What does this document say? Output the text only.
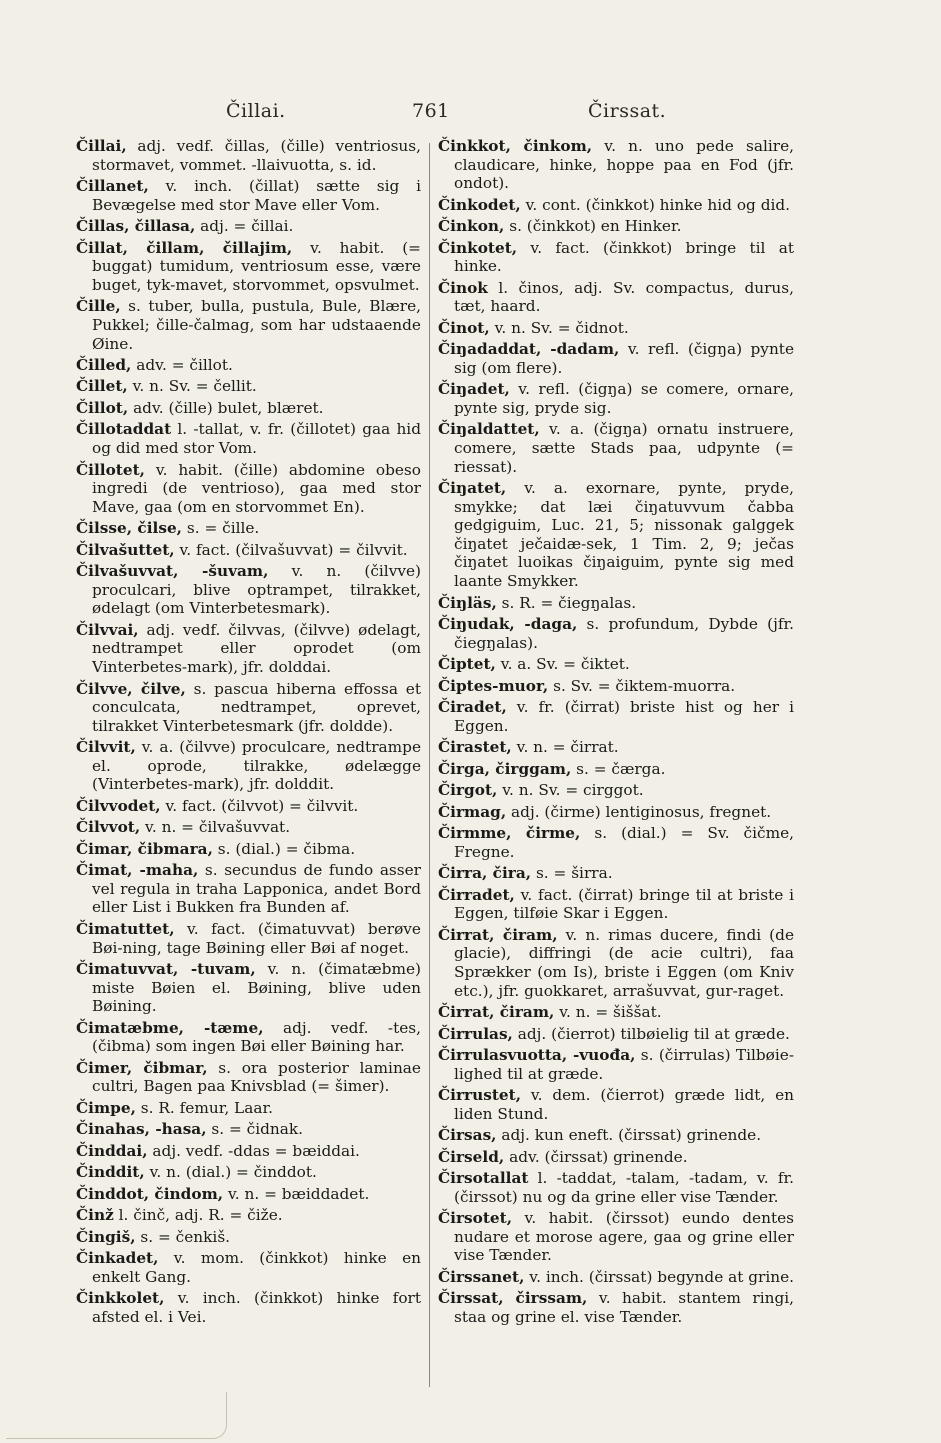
Čillai.	761	Čirssat.

Čillai, adj. vedf. čillas, (čille) ventriosus, stormavet, vommet. -llaivuotta, s. id.

Čillanet, v. inch. (čillat) sætte sig i Bevægelse med stor Mave eller Vom.

Čillas, čillasa, adj. = čillai.

Čillat, čillam, čillajim, v. habit. (= buggat) tumidum, ventriosum esse, være buget, tyk-mavet, storvommet, opsvulmet.

Čille, s. tuber, bulla, pustula, Bule, Blære, Pukkel; čille-čalmag, som har udstaaende Øine.

Čilled, adv. = čillot.

Čillet, v. n. Sv. = čellit.

Čillot, adv. (čille) bulet, blæret.

Čillotaddat l. -tallat, v. fr. (čillotet) gaa hid og did med stor Vom.

Čillotet, v. habit. (čille) abdomine obeso ingredi (de ventrioso), gaa med stor Mave, gaa (om en storvommet En).

Čilsse, čilse, s. = čille.

Čilvašuttet, v. fact. (čilvašuvvat) = čilvvit.

Čilvašuvvat, -šuvam, v. n. (čilvve) proculcari, blive optrampet, tilrakket, ødelagt (om Vinterbetesmark).

Čilvvai, adj. vedf. čilvvas, (čilvve) ødelagt, nedtrampet eller oprodet (om Vinterbetes-mark), jfr. dolddai.

Čilvve, čilve, s. pascua hiberna effossa et conculcata, nedtrampet, oprevet, tilrakket Vinterbetesmark (jfr. doldde).

Čilvvit, v. a. (čilvve) proculcare, nedtrampe el. oprode, tilrakke, ødelægge (Vinterbetes-mark), jfr. dolddit.

Čilvvodet, v. fact. (čilvvot) = čilvvit.

Čilvvot, v. n. = čilvašuvvat.

Čimar, čibmara, s. (dial.) = čibma.

Čimat, -maha, s. secundus de fundo asser vel regula in traha Lapponica, andet Bord eller List i Bukken fra Bunden af.

Čimatuttet, v. fact. (čimatuvvat) berøve Bøi-ning, tage Bøining eller Bøi af noget.

Čimatuvvat, -tuvam, v. n. (čimatæbme) miste Bøien el. Bøining, blive uden Bøining.

Čimatæbme, -tæme, adj. vedf. -tes, (čibma) som ingen Bøi eller Bøining har.

Čimer, čibmar, s. ora posterior laminae cultri, Bagen paa Knivsblad (= šimer).

Čimpe, s. R. femur, Laar.

Činahas, -hasa, s. = čidnak.

Činddai, adj. vedf. -ddas = bæiddai.

Činddit, v. n. (dial.) = činddot.

Činddot, čindom, v. n. = bæiddadet.

Činž l. činč, adj. R. = čiže.

Čingiš, s. = čenkiš.

Činkadet, v. mom. (činkkot) hinke en enkelt Gang.

Činkkolet, v. inch. (činkkot) hinke fort afsted el. i Vei.

Činkkot, činkom, v. n. uno pede salire, claudicare, hinke, hoppe paa en Fod (jfr. ondot).

Činkodet, v. cont. (činkkot) hinke hid og did.

Činkon, s. (činkkot) en Hinker.

Činkotet, v. fact. (činkkot) bringe til at hinke.

Činok l. činos, adj. Sv. compactus, durus, tæt, haard.

Činot, v. n. Sv. = čidnot.

Čiŋadaddat, -dadam, v. refl. (čigŋa) pynte sig (om flere).

Čiŋadet, v. refl. (čigŋa) se comere, ornare, pynte sig, pryde sig.

Čiŋaldattet, v. a. (čigŋa) ornatu instruere, comere, sætte Stads paa, udpynte (= riessat).

Čiŋatet, v. a. exornare, pynte, pryde, smykke; dat læi čiŋatuvvum čabba gedgiguim, Luc. 21, 5; nissonak galggek čiŋatet ječaidæ-sek, 1 Tim. 2, 9; ječas čiŋatet luoikas čiŋaiguim, pynte sig med laante Smykker.

Čiŋläs, s. R. = čiegŋalas.

Čiŋudak, -daga, s. profundum, Dybde (jfr. čiegŋalas).

Čiptet, v. a. Sv. = čiktet.

Čiptes-muor, s. Sv. = čiktem-muorra.

Čiradet, v. fr. (čirrat) briste hist og her i Eggen.

Čirastet, v. n. = čirrat.

Čirga, čirggam, s. = čærga.

Čirgot, v. n. Sv. = cirggot.

Čirmag, adj. (čirme) lentiginosus, fregnet.

Čirmme, čirme, s. (dial.) = Sv. čičme, Fregne.

Čirra, čira, s. = širra.

Čirradet, v. fact. (čirrat) bringe til at briste i Eggen, tilføie Skar i Eggen.

Čirrat, čiram, v. n. rimas ducere, findi (de glacie), diffringi (de acie cultri), faa Sprækker (om Is), briste i Eggen (om Kniv etc.), jfr. guokkaret, arrašuvvat, gur-raget.

Čirrat, čiram, v. n. = šiššat.

Čirrulas, adj. (čierrot) tilbøielig til at græde.

Čirrulasvuotta, -vuođa, s. (čirrulas) Tilbøie-lighed til at græde.

Čirrustet, v. dem. (čierrot) græde lidt, en liden Stund.

Čirsas, adj. kun eneft. (čirssat) grinende.

Čirseld, adv. (čirssat) grinende.

Čirsotallat l. -taddat, -talam, -tadam, v. fr. (čirssot) nu og da grine eller vise Tænder.

Čirsotet, v. habit. (čirssot) eundo dentes nudare et morose agere, gaa og grine eller vise Tænder.

Čirssanet, v. inch. (čirssat) begynde at grine.

Čirssat, čirssam, v. habit. stantem ringi, staa og grine el. vise Tænder.
